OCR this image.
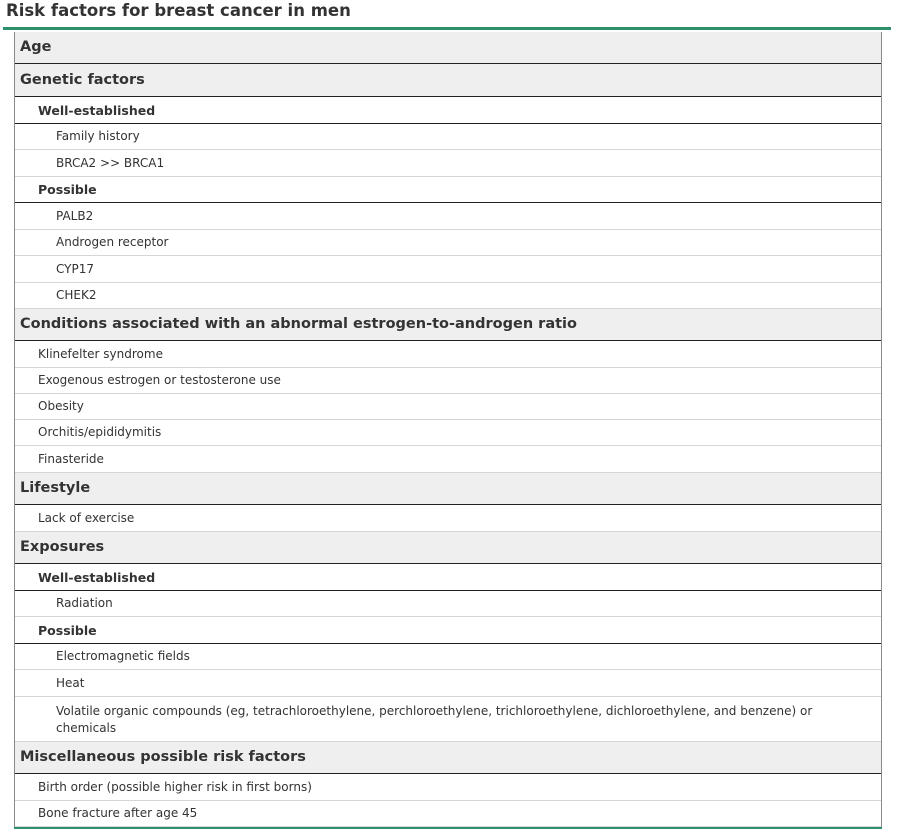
Risk factors for breast cancer in men
Age
Genetic factors
Well-established
Family history
BRCA2 >> BRCA1
Possible
PALB2
Androgen receptor
CYP17
CHEK2
Conditions associated with an abnormal estrogen-to-androgen ratio
Klinefelter syndrome
Exogenous estrogen or testosterone use
Obesity
Orchitis/epididymitis
Finasteride
Lifestyle
Lack of exercise
Exposures
Well-established
Radiation
Possible
Electromagnetic fields
Heat
Volatile organic compounds (eg, tetrachloroethylene, perchloroethylene, trichloroethylene, dichloroethylene, and benzene) or chemicals
Miscellaneous possible risk factors
Birth order (possible higher risk in first borns)
Bone fracture after age 45
